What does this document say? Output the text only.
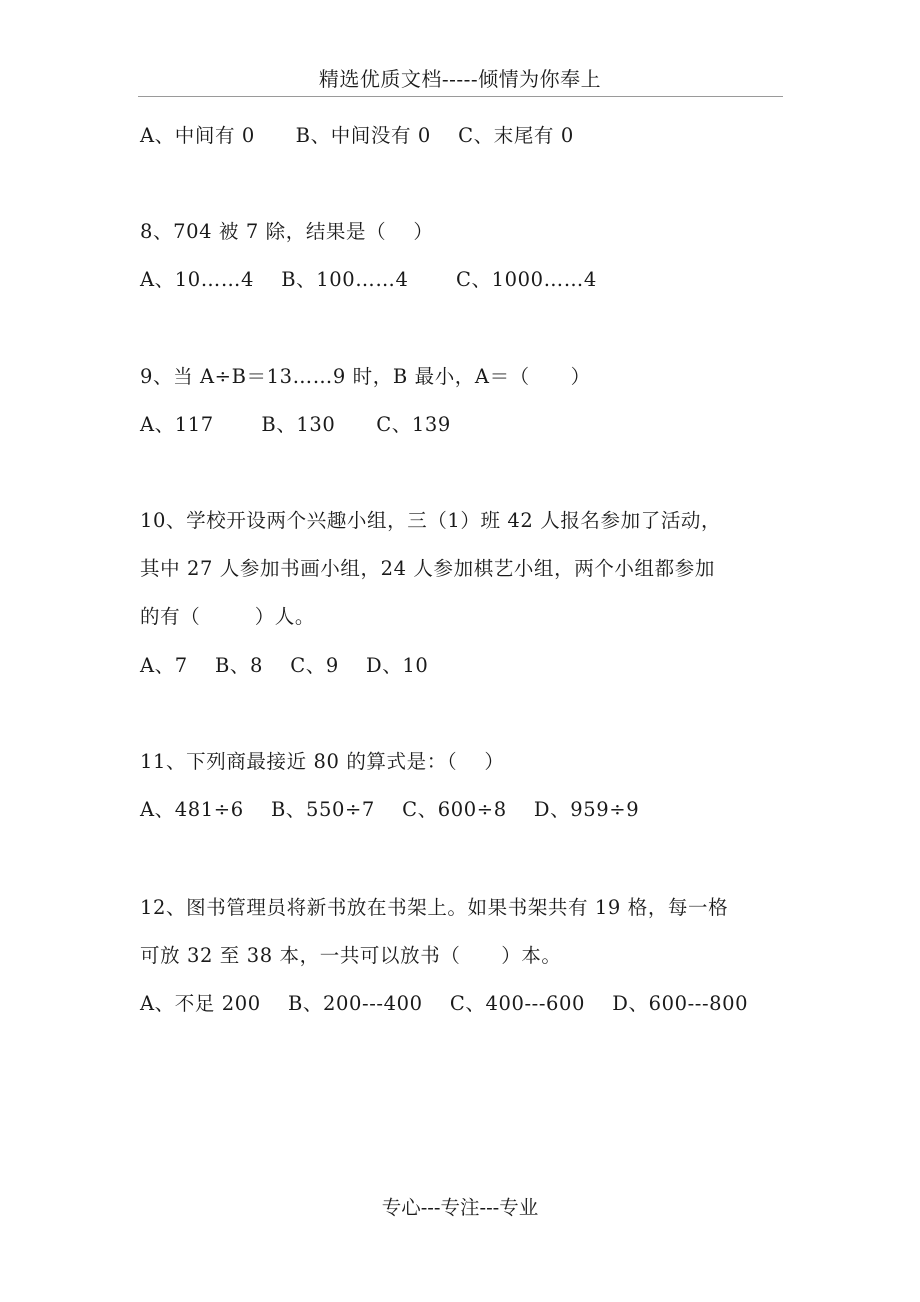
精选优质文档-----倾情为你奉上
A、中间有 0      B、中间没有 0    C、末尾有 0
8、704 被 7 除，结果是（    ）
A、10……4    B、100……4       C、1000……4
9、当 A÷B＝13……9 时，B 最小，A＝（      ）
A、117       B、130      C、139
10、学校开设两个兴趣小组，三（1）班 42 人报名参加了活动，
其中 27 人参加书画小组，24 人参加棋艺小组，两个小组都参加
的有（        ）人。
A、7    B、8    C、9    D、10
11、下列商最接近 80 的算式是：（    ）
A、481÷6    B、550÷7    C、600÷8    D、959÷9
12、图书管理员将新书放在书架上。如果书架共有 19 格，每一格
可放 32 至 38 本，一共可以放书（      ）本。
A、不足 200    B、200---400    C、400---600    D、600---800
专心---专注---专业
